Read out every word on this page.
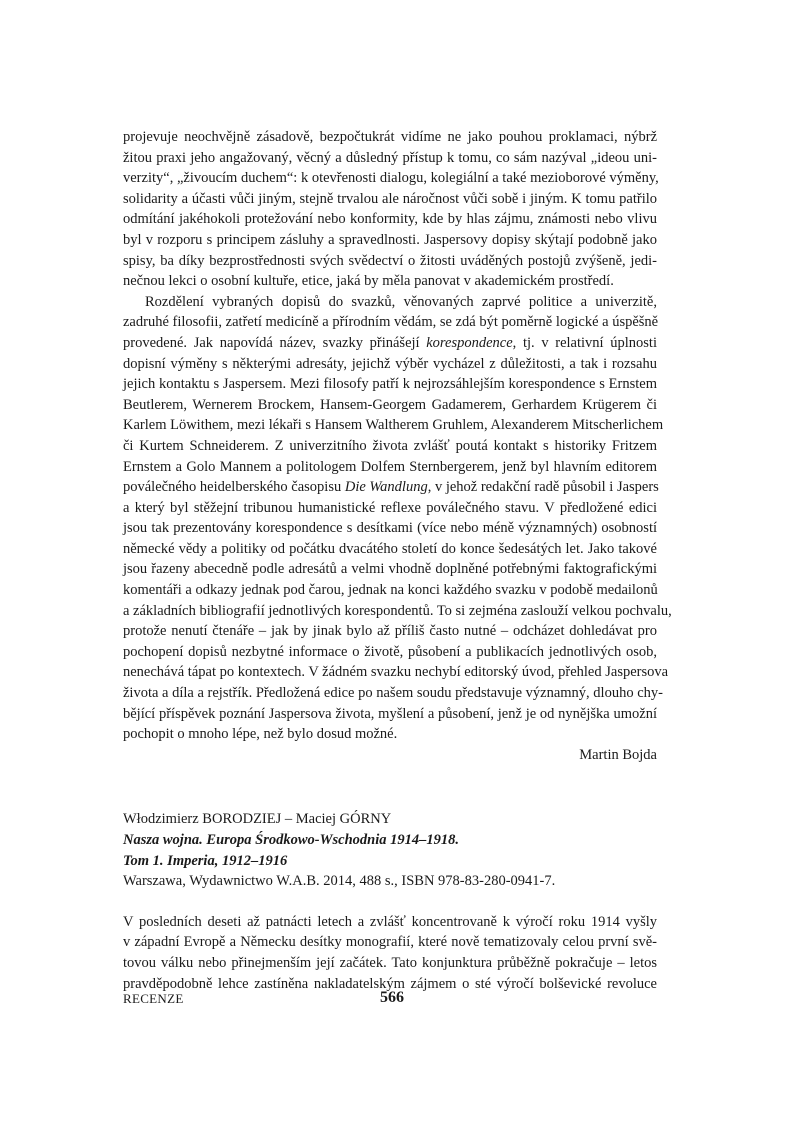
projevuje neochvějně zásadově, bezpočtukrát vidíme ne jako pouhou proklamaci, nýbrž
žitou praxi jeho angažovaný, věcný a důsledný přístup k tomu, co sám nazýval „ideou uni-
verzity“, „živoucím duchem“: k otevřenosti dialogu, kolegiální a také mezioborové výměny,
solidarity a účasti vůči jiným, stejně trvalou ale náročnost vůči sobě i jiným. K tomu patřilo
odmítání jakéhokoli protežování nebo konformity, kde by hlas zájmu, známosti nebo vlivu
byl v rozporu s principem zásluhy a spravedlnosti. Jaspersovy dopisy skýtají podobně jako
spisy, ba díky bezprostřednosti svých svědectví o žitosti uváděných postojů zvýšeně, jedi-
nečnou lekci o osobní kultuře, etice, jaká by měla panovat v akademickém prostředí.
Rozdělení vybraných dopisů do svazků, věnovaných zaprvé politice a univerzitě,
zadruhé filosofii, zatřetí medicíně a přírodním vědám, se zdá být poměrně logické a úspěšně
provedené. Jak napovídá název, svazky přinášejí korespondence, tj. v relativní úplnosti
dopisní výměny s některými adresáty, jejichž výběr vycházel z důležitosti, a tak i rozsahu
jejich kontaktu s Jaspersem. Mezi filosofy patří k nejrozsáhlejším korespondence s Ernstem
Beutlerem, Wernerem Brockem, Hansem-Georgem Gadamerem, Gerhardem Krügerem či
Karlem Löwithem, mezi lékaři s Hansem Waltherem Gruhlem, Alexanderem Mitscherlichem
či Kurtem Schneiderem. Z univerzitního života zvlášť poutá kontakt s historiky Fritzem
Ernstem a Golo Mannem a politologem Dolfem Sternbergerem, jenž byl hlavním editorem
poválečného heidelberského časopisu Die Wandlung, v jehož redakční radě působil i Jaspers
a který byl stěžejní tribunou humanistické reflexe poválečného stavu. V předložené edici
jsou tak prezentovány korespondence s desítkami (více nebo méně významných) osobností
německé vědy a politiky od počátku dvacátého století do konce šedesátých let. Jako takové
jsou řazeny abecedně podle adresátů a velmi vhodně doplněné potřebnými faktografickými
komentáři a odkazy jednak pod čarou, jednak na konci každého svazku v podobě medailonů
a základních bibliografií jednotlivých korespondentů. To si zejména zaslouží velkou pochvalu,
protože nenutí čtenáře – jak by jinak bylo až příliš často nutné – odcházet dohledávat pro
pochopení dopisů nezbytné informace o životě, působení a publikacích jednotlivých osob,
nenechává tápat po kontextech. V žádném svazku nechybí editorský úvod, přehled Jaspersova
života a díla a rejstřík. Předložená edice po našem soudu představuje významný, dlouho chy-
bějící příspěvek poznání Jaspersova života, myšlení a působení, jenž je od nynějška umožní
pochopit o mnoho lépe, než bylo dosud možné.
Martin Bojda
Włodzimierz BORODZIEJ – Maciej GÓRNY
Nasza wojna. Europa Środkowo-Wschodnia 1914–1918.
Tom 1. Imperia, 1912–1916
Warszawa, Wydawnictwo W.A.B. 2014, 488 s., ISBN 978-83-280-0941-7.
V posledních deseti až patnácti letech a zvlášť koncentrovaně k výročí roku 1914 vyšly
v západní Evropě a Německu desítky monografií, které nově tematizovaly celou první svě-
tovou válku nebo přinejmenším její začátek. Tato konjunktura průběžně pokračuje – letos
pravděpodobně lehce zastíněna nakladatelským zájmem o sté výročí bolševické revoluce
RECENZE	566
